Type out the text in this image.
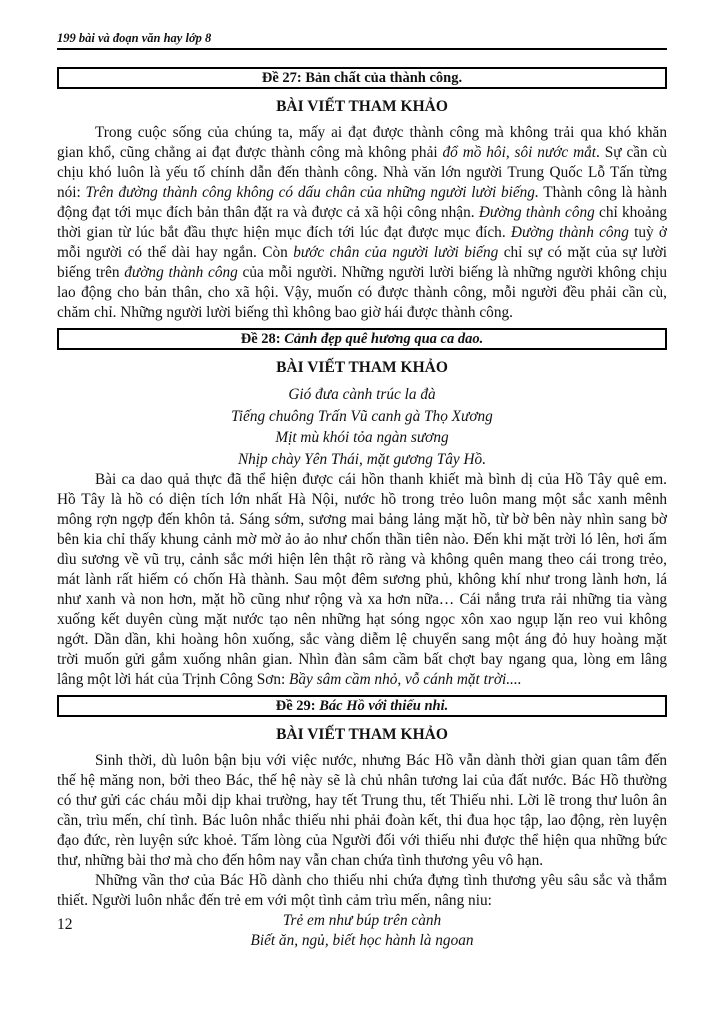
199 bài và đoạn văn hay lớp 8
Đề 27: Bản chất của thành công.
BÀI VIẾT THAM KHẢO
Trong cuộc sống của chúng ta, mấy ai đạt được thành công mà không trải qua khó khăn
gian khổ, cũng chẳng ai đạt được thành công mà không phải đổ mồ hôi, sôi nước mắt . Sự cần cù
chịu khó luôn là yếu tố chính dẫn đến thành công. Nhà văn lớn người Trung Quốc Lỗ Tấn từng
nói: Trên đường thành công không có dấu chân của những người lười biếng. Thành công là hành
động đạt tới mục đích bản thân đặt ra và được cả xã hội công nhận. Đường thành công chỉ khoảng
thời gian từ lúc bắt đầu thực hiện mục đích tới lúc đạt được mục đích. Đường thành công tuỳ ở
mỗi người có thể dài hay ngắn. Còn bước chân của người lười biếng chỉ sự có mặt của sự lười
biếng trên đường thành công của mỗi người. Những người lười biếng là những người không chịu
lao động cho bản thân, cho xã hội. Vậy, muốn có được thành công, mỗi người đều phải cần cù,
chăm chỉ. Những người lười biếng thì không bao giờ hái được thành công.
Đề 28: Cảnh đẹp quê hương qua ca dao.
BÀI VIẾT THAM KHẢO
Gió đưa cành trúc la đà
Tiếng chuông Trấn Vũ canh gà Thọ Xương
Mịt mù khói tỏa ngàn sương
Nhịp chày Yên Thái, mặt gương Tây Hồ.
Bài ca dao quả thực đã thể hiện được cái hồn thanh khiết mà bình dị của Hồ Tây quê em.
Hồ Tây là hồ có diện tích lớn nhất Hà Nội, nước hồ trong trẻo luôn mang một sắc xanh mênh
mông rợn ngợp đến khôn tả. Sáng sớm, sương mai bảng lảng mặt hồ, từ bờ bên này nhìn sang bờ
bên kia chỉ thấy khung cảnh mờ mờ ảo ảo như chốn thần tiên nào. Đến khi mặt trời ló lên, hơi ấm
dìu sương về vũ trụ, cảnh sắc mới hiện lên thật rõ ràng và không quên mang theo cái trong trẻo,
mát lành rất hiếm có chốn Hà thành. Sau một đêm sương phủ, không khí như trong lành hơn, lá
như xanh và non hơn, mặt hồ cũng như rộng và xa hơn nữa… Cái nắng trưa rải những tia vàng
xuống kết duyên cùng mặt nước tạo nên những hạt sóng ngọc xôn xao ngụp lặn reo vui không
ngớt. Dần dần, khi hoàng hôn xuống, sắc vàng diễm lệ chuyển sang một áng đỏ huy hoàng mặt
trời muốn gửi gắm xuống nhân gian. Nhìn đàn sâm cầm bất chợt bay ngang qua, lòng em lâng
lâng một lời hát của Trịnh Công Sơn: Bầy sâm cầm nhỏ, vỗ cánh mặt trời....
Đề 29: Bác Hồ với thiếu nhi.
BÀI VIẾT THAM KHẢO
Sinh thời, dù luôn bận bịu với việc nước, nhưng Bác Hồ vẫn dành thời gian quan tâm đến
thế hệ măng non, bởi theo Bác, thế hệ này sẽ là chủ nhân tương lai của đất nước. Bác Hồ thường
có thư gửi các cháu mỗi dịp khai trường, hay tết Trung thu, tết Thiếu nhi. Lời lẽ trong thư luôn ân
cần, trìu mến, chí tình. Bác luôn nhắc thiếu nhi phải đoàn kết, thi đua học tập, lao động, rèn luyện
đạo đức, rèn luyện sức khoẻ. Tấm lòng của Người đối với thiếu nhi được thể hiện qua những bức
thư, những bài thơ mà cho đến hôm nay vẫn chan chứa tình thương yêu vô hạn.
Những vần thơ của Bác Hồ dành cho thiếu nhi chứa đựng tình thương yêu sâu sắc và thắm
thiết. Người luôn nhắc đến trẻ em với một tình cảm trìu mến, nâng niu:
Trẻ em như búp trên cành
Biết ăn, ngủ, biết học hành là ngoan
12
